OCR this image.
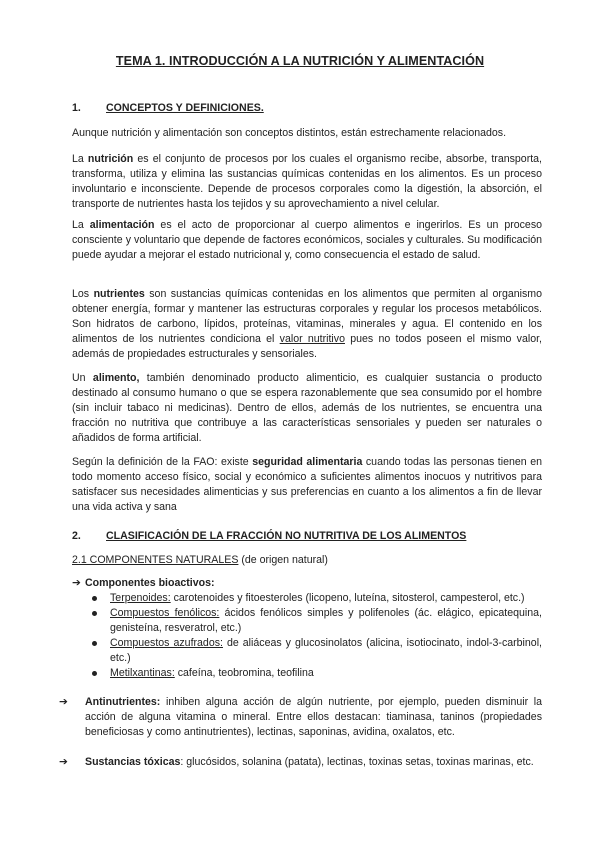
TEMA 1. INTRODUCCIÓN A LA NUTRICIÓN Y ALIMENTACIÓN
1.	CONCEPTOS Y DEFINICIONES.
Aunque nutrición y alimentación son conceptos distintos, están estrechamente relacionados.
La nutrición es el conjunto de procesos por los cuales el organismo recibe, absorbe, transporta, transforma, utiliza y elimina las sustancias químicas contenidas en los alimentos. Es un proceso involuntario e inconsciente. Depende de procesos corporales como la digestión, la absorción, el transporte de nutrientes hasta los tejidos y su aprovechamiento a nivel celular.
La alimentación es el acto de proporcionar al cuerpo alimentos e ingerirlos. Es un proceso consciente y voluntario que depende de factores económicos, sociales y culturales. Su modificación puede ayudar a mejorar el estado nutricional y, como consecuencia el estado de salud.
Los nutrientes son sustancias químicas contenidas en los alimentos que permiten al organismo obtener energía, formar y mantener las estructuras corporales y regular los procesos metabólicos. Son hidratos de carbono, lípidos, proteínas, vitaminas, minerales y agua. El contenido en los alimentos de los nutrientes condiciona el valor nutritivo pues no todos poseen el mismo valor, además de propiedades estructurales y sensoriales.
Un alimento, también denominado producto alimenticio, es cualquier sustancia o producto destinado al consumo humano o que se espera razonablemente que sea consumido por el hombre (sin incluir tabaco ni medicinas). Dentro de ellos, además de los nutrientes, se encuentra una fracción no nutritiva que contribuye a las características sensoriales y pueden ser naturales o añadidos de forma artificial.
Según la definición de la FAO: existe seguridad alimentaria cuando todas las personas tienen en todo momento acceso físico, social y económico a suficientes alimentos inocuos y nutritivos para satisfacer sus necesidades alimenticias y sus preferencias en cuanto a los alimentos a fin de llevar una vida activa y sana
2.	CLASIFICACIÓN DE LA FRACCIÓN NO NUTRITIVA DE LOS ALIMENTOS
2.1 COMPONENTES NATURALES (de origen natural)
➔ Componentes bioactivos:
Terpenoides: carotenoides y fitoesteroles (licopeno, luteína, sitosterol, campesterol, etc.)
Compuestos fenólicos: ácidos fenólicos simples y polifenoles (ác. elágico, epicatequina, genisteína, resveratrol, etc.)
Compuestos azufrados: de aliáceas y glucosinolatos (alicina, isotiocinato, indol-3-carbinol, etc.)
Metilxantinas: cafeína, teobromina, teofilina
➔ Antinutrientes: inhiben alguna acción de algún nutriente, por ejemplo, pueden disminuir la acción de alguna vitamina o mineral. Entre ellos destacan: tiaminasa, taninos (propiedades beneficiosas y como antinutrientes), lectinas, saponinas, avidina, oxalatos, etc.
➔ Sustancias tóxicas: glucósidos, solanina (patata), lectinas, toxinas setas, toxinas marinas, etc.
